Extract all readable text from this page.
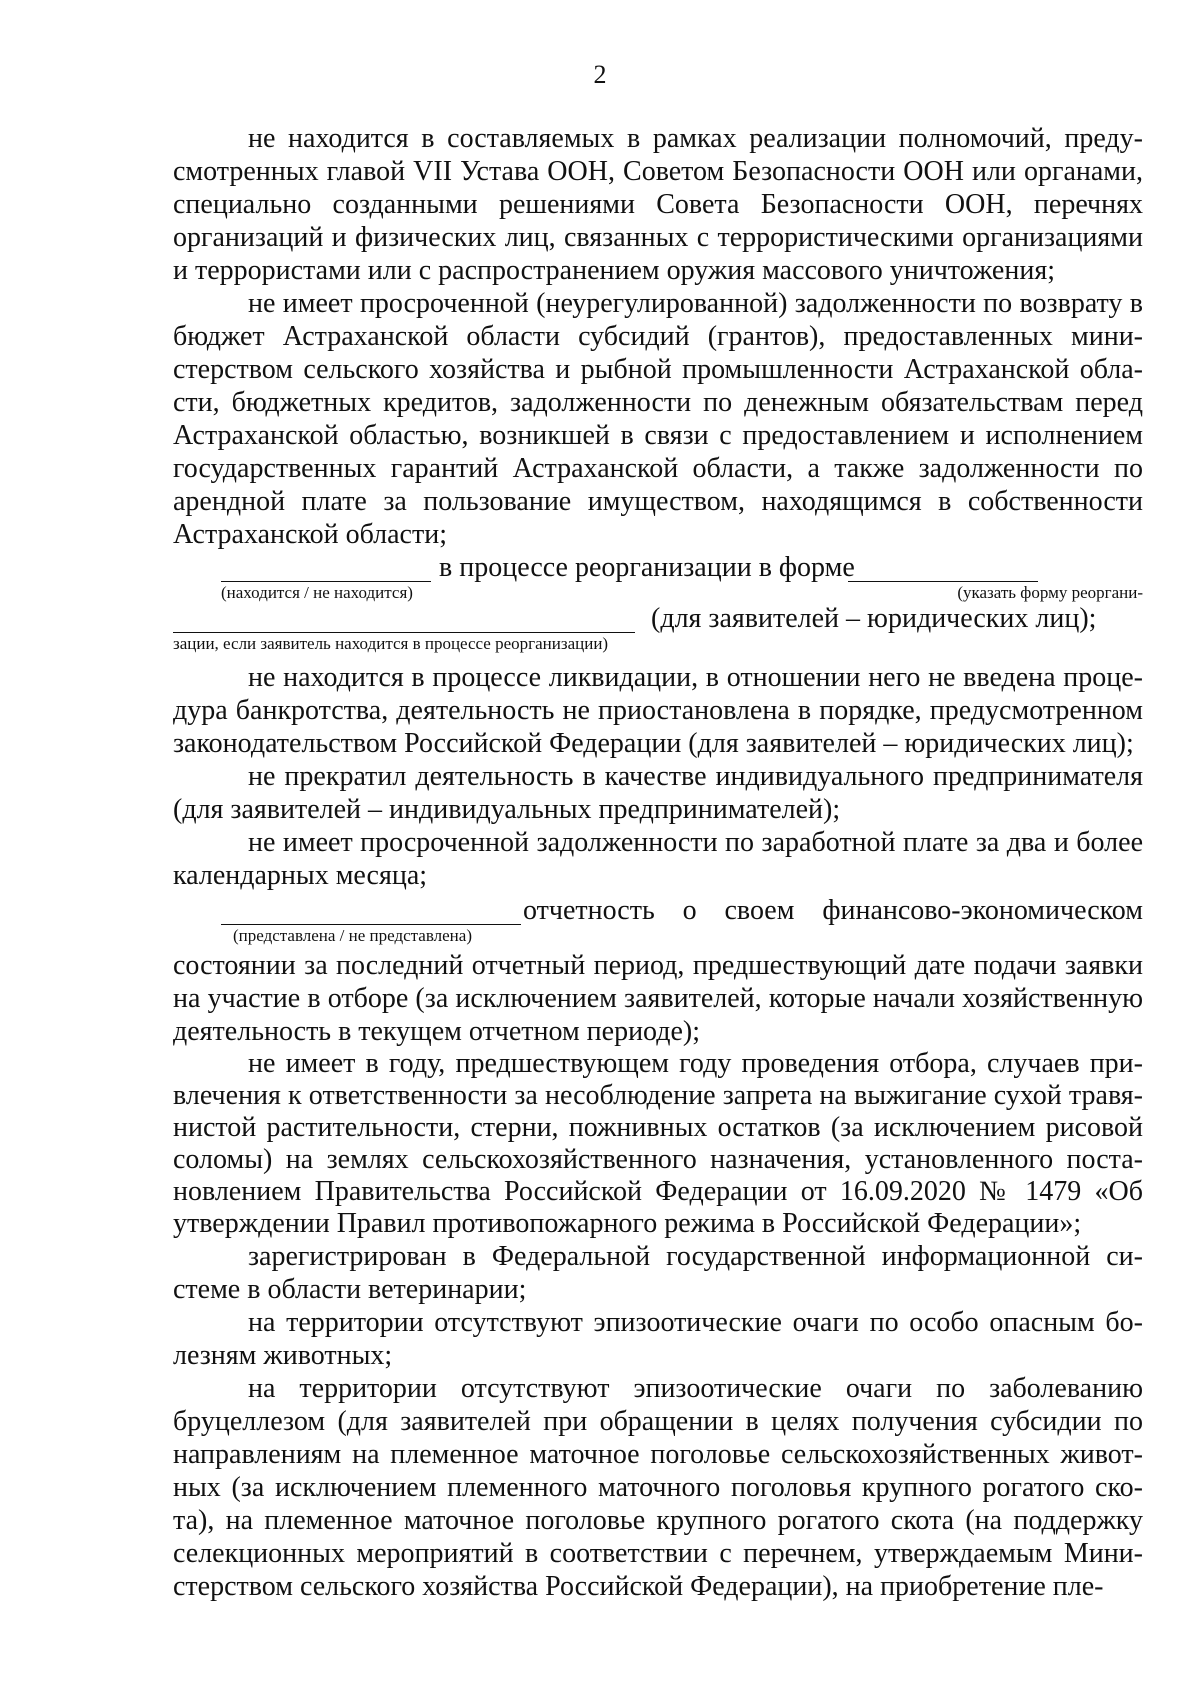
2

не находится в составляемых в рамках реализации полномочий, предусмотренных главой VII Устава ООН, Советом Безопасности ООН или органами, специально созданными решениями Совета Безопасности ООН, перечнях организаций и физических лиц, связанных с террористическими организациями и террористами или с распространением оружия массового уничтожения;

не имеет просроченной (неурегулированной) задолженности по возврату в бюджет Астраханской области субсидий (грантов), предоставленных министерством сельского хозяйства и рыбной промышленности Астраханской области, бюджетных кредитов, задолженности по денежным обязательствам перед Астраханской областью, возникшей в связи с предоставлением и исполнением государственных гарантий Астраханской области, а также задолженности по арендной плате за пользование имуществом, находящимся в собственности Астраханской области;

в процессе реорганизации в форме
(находится / не находится)	(указать форму реоргани-
(для заявителей – юридических лиц);
зации, если заявитель находится в процессе реорганизации)

не находится в процессе ликвидации, в отношении него не введена процедура банкротства, деятельность не приостановлена в порядке, предусмотренном законодательством Российской Федерации (для заявителей – юридических лиц);

не прекратил деятельность в качестве индивидуального предпринимателя (для заявителей – индивидуальных предпринимателей);

не имеет просроченной задолженности по заработной плате за два и более календарных месяца;

отчетность о своем финансово-экономическом
(представлена / не представлена)

состоянии за последний отчетный период, предшествующий дате подачи заявки на участие в отборе (за исключением заявителей, которые начали хозяйственную деятельность в текущем отчетном периоде);

не имеет в году, предшествующем году проведения отбора, случаев привлечения к ответственности за несоблюдение запрета на выжигание сухой травянистой растительности, стерни, пожнивных остатков (за исключением рисовой соломы) на землях сельскохозяйственного назначения, установленного постановлением Правительства Российской Федерации от 16.09.2020 № 1479 «Об утверждении Правил противопожарного режима в Российской Федерации»;

зарегистрирован в Федеральной государственной информационной системе в области ветеринарии;

на территории отсутствуют эпизоотические очаги по особо опасным болезням животных;

на территории отсутствуют эпизоотические очаги по заболеванию бруцеллезом (для заявителей при обращении в целях получения субсидии по направлениям на племенное маточное поголовье сельскохозяйственных животных (за исключением племенного маточного поголовья крупного рогатого скота), на племенное маточное поголовье крупного рогатого скота (на поддержку селекционных мероприятий в соответствии с перечнем, утверждаемым Министерством сельского хозяйства Российской Федерации), на приобретение пле-
